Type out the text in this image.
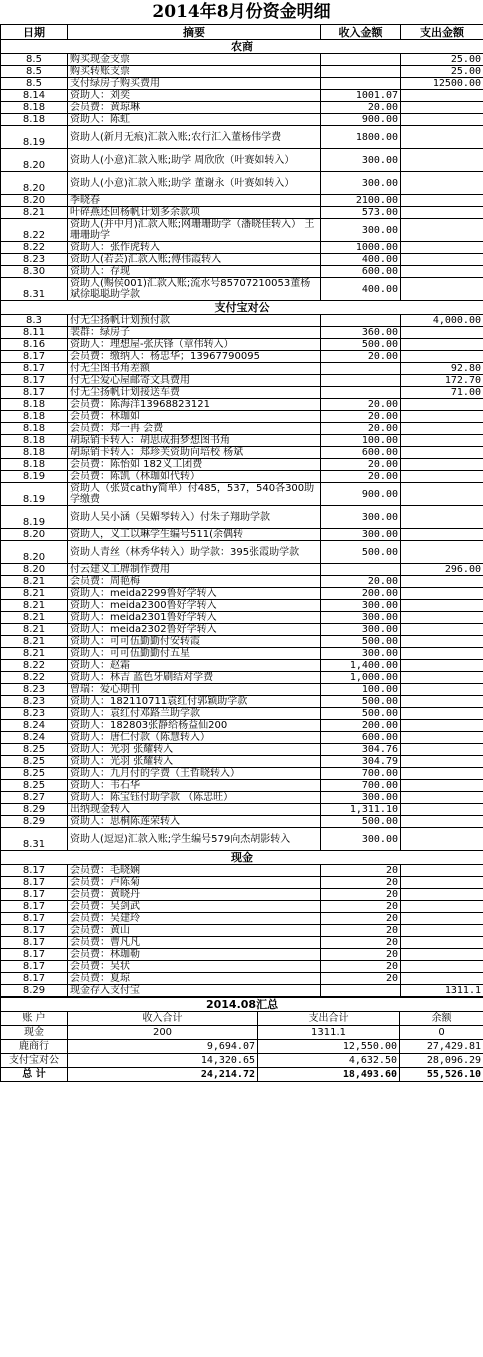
2014年8月份资金明细
日期	摘要	收入金额	支出金额
农商			
8.5	购买现金支票		25.00
8.5	购买转账支票		25.00
8.5	支付绿房子购买费用		12500.00
8.14	资助人：刘奕	1001.07	
8.18	会员费：黄琼琳	20.00	
8.18	资助人：陈虹	900.00	
8.19	资助人(新月无痕)汇款入账;农行汇入董杨伟学费	1800.00	
8.20	资助人(小意)汇款入账;助学 周欣欣（叶赛如转入）	300.00	
8.20	资助人(小意)汇款入账;助学 董谢永（叶赛如转入）	300.00	
8.20	季晓春	2100.00	
8.21	叶碎燕还回杨帆计划多余款项	573.00	
8.22	资助人(并中月)汇款入账;网珊珊助学（潘晓佳转入） 王珊珊助学	300.00	
8.22	资助人：张作虎转入	1000.00	
8.23	资助人(若芸)汇款入账;傅伟霞转入	400.00	
8.30	资助人：存现	600.00	
8.31	资助人(赐侯001)汇款入账;流水号85707210053董杨斌徐聪聪助学款	400.00	
支付宝对公			
8.3	付无尘扬帆计划预付款		4,000.00
8.11	裴群：绿房子	360.00	
8.16	资助人：理想屋-张庆锋（章伟转入）	500.00	
8.17	会员费：缴纳人：杨忠华；13967790095	20.00	
8.17	付无尘图书角差额		92.80
8.17	付无尘爱心屋邮寄文具费用		172.70
8.17	付无尘扬帆计划接送车费		71.00
8.18	会员费：陈海洋13968823121	20.00	
8.18	会员费：林珈如	20.00	
8.18	会员费：郑一冉 会费	20.00	
8.18	胡琼销卡转入：胡思成捐梦想图书角	100.00	
8.18	胡琼销卡转入：郑珍芙资助向培校 杨斌	600.00	
8.18	会员费：陈怡如 182义工团费	20.00	
8.19	会员费：陈凯（林珈如代转）	20.00	
8.19	资助人（张贤cathy简单）付485，537，540各300助学缴费	900.00	
8.19	资助人吴小涵（吴媚琴转入）付朱子翔助学款	300.00	
8.20	资助人，义工以琳学生编号511(余偶转	300.00	
8.20	资助人青丝（林秀华转入）助学款：395张霞助学款	500.00	
8.20	付云建义工牌制作费用		296.00
8.21	会员费：周艳梅	20.00	
8.21	资助人：meida2299鲁好学转入	200.00	
8.21	资助人：meida2300鲁好学转入	300.00	
8.21	资助人：meida2301鲁好学转入	300.00	
8.21	资助人：meida2302鲁好学转入	300.00	
8.21	资助人：可可伍勤勤付安转霞	500.00	
8.21	资助人：可可伍勤勤付五星	300.00	
8.22	资助人：赵霜	1,400.00	
8.22	资助人：林吉 蓝色牙刷结对学费	1,000.00	
8.23	曾瑞：爱心期刊	100.00	
8.23	资助人：182110711袁红付郭颖助学款	500.00	
8.23	资助人：袁红付邓路兰助学款	500.00	
8.24	资助人：182803张静给杨益仙200	200.00	
8.24	资助人：唐仁付款（陈慧转入）	600.00	
8.25	资助人：光羽 张耀转入	304.76	
8.25	资助人：光羽 张耀转入	304.79	
8.25	资助人：九月付的学费（王哲晓转入）	700.00	
8.25	资助人：韦石华	700.00	
8.27	资助人：陈宝钰付助学款 （陈忠旺）	300.00	
8.29	出纳现金转入	1,311.10	
8.29	资助人：思桐陈莲荣转入	500.00	
8.31	资助人(逗逗)汇款入账;学生编号579向杰胡影转入	300.00	
现金			
8.17	会员费：毛晓娴	20	
8.17	会员费：卢陈菊	20	
8.17	会员费：黄晓丹	20	
8.17	会员费：吴剑武	20	
8.17	会员费：吴建玲	20	
8.17	会员费：黄山	20	
8.17	会员费：曹凡凡	20	
8.17	会员费：林珈勒	20	
8.17	会员费：吴状	20	
8.17	会员费：夏琼	20	
8.29	现金存入支付宝		1311.1
2014.08汇总			
账 户	收入合计	支出合计	余额
现金	200	1311.1	0
鹿商行	9,694.07	12,550.00	27,429.81
支付宝对公	14,320.65	4,632.50	28,096.29
总 计	24,214.72	18,493.60	55,526.10
